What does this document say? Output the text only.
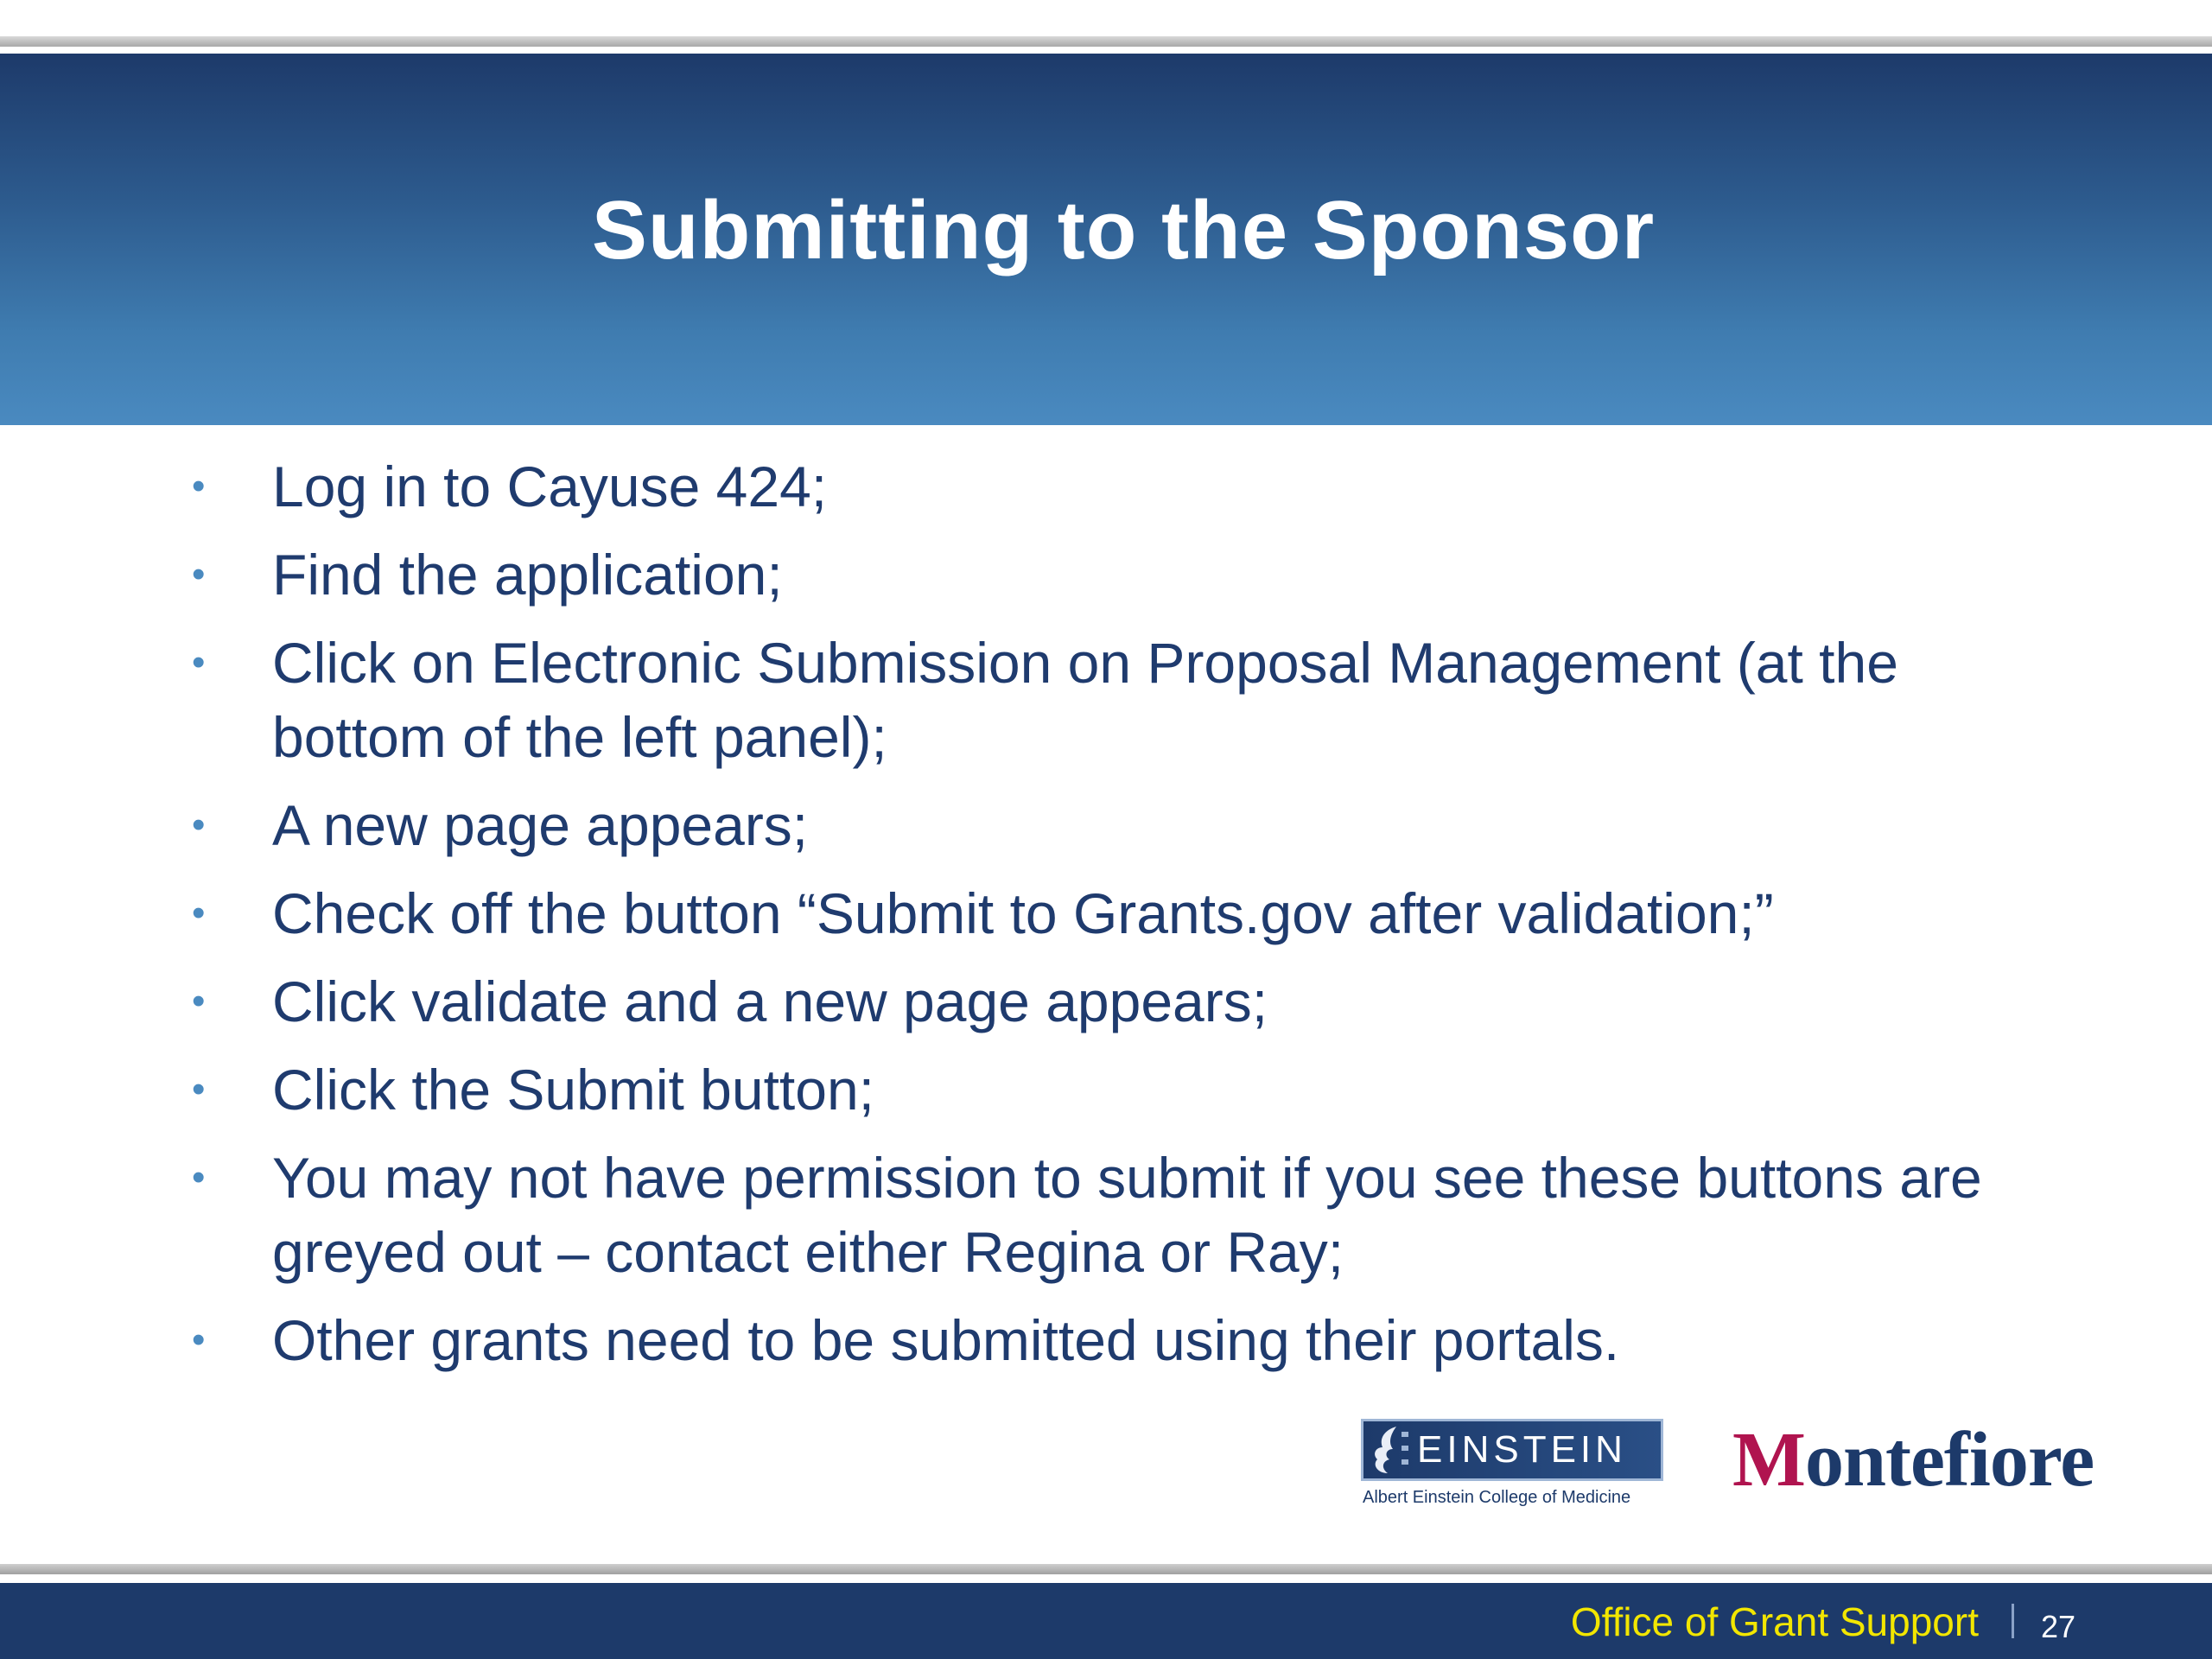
Submitting to the Sponsor
• Log in to Cayuse 424;
• Find the application;
• Click on Electronic Submission on Proposal Management (at the bottom of the left panel);
• A new page appears;
• Check off the button “Submit to Grants.gov after validation;”
• Click validate and a new page appears;
• Click the Submit button;
• You may not have permission to submit if you see these buttons are greyed out – contact either Regina or Ray;
• Other grants need to be submitted using their portals.
EINSTEIN
Albert Einstein College of Medicine Montefiore
Office of Grant Support 27
